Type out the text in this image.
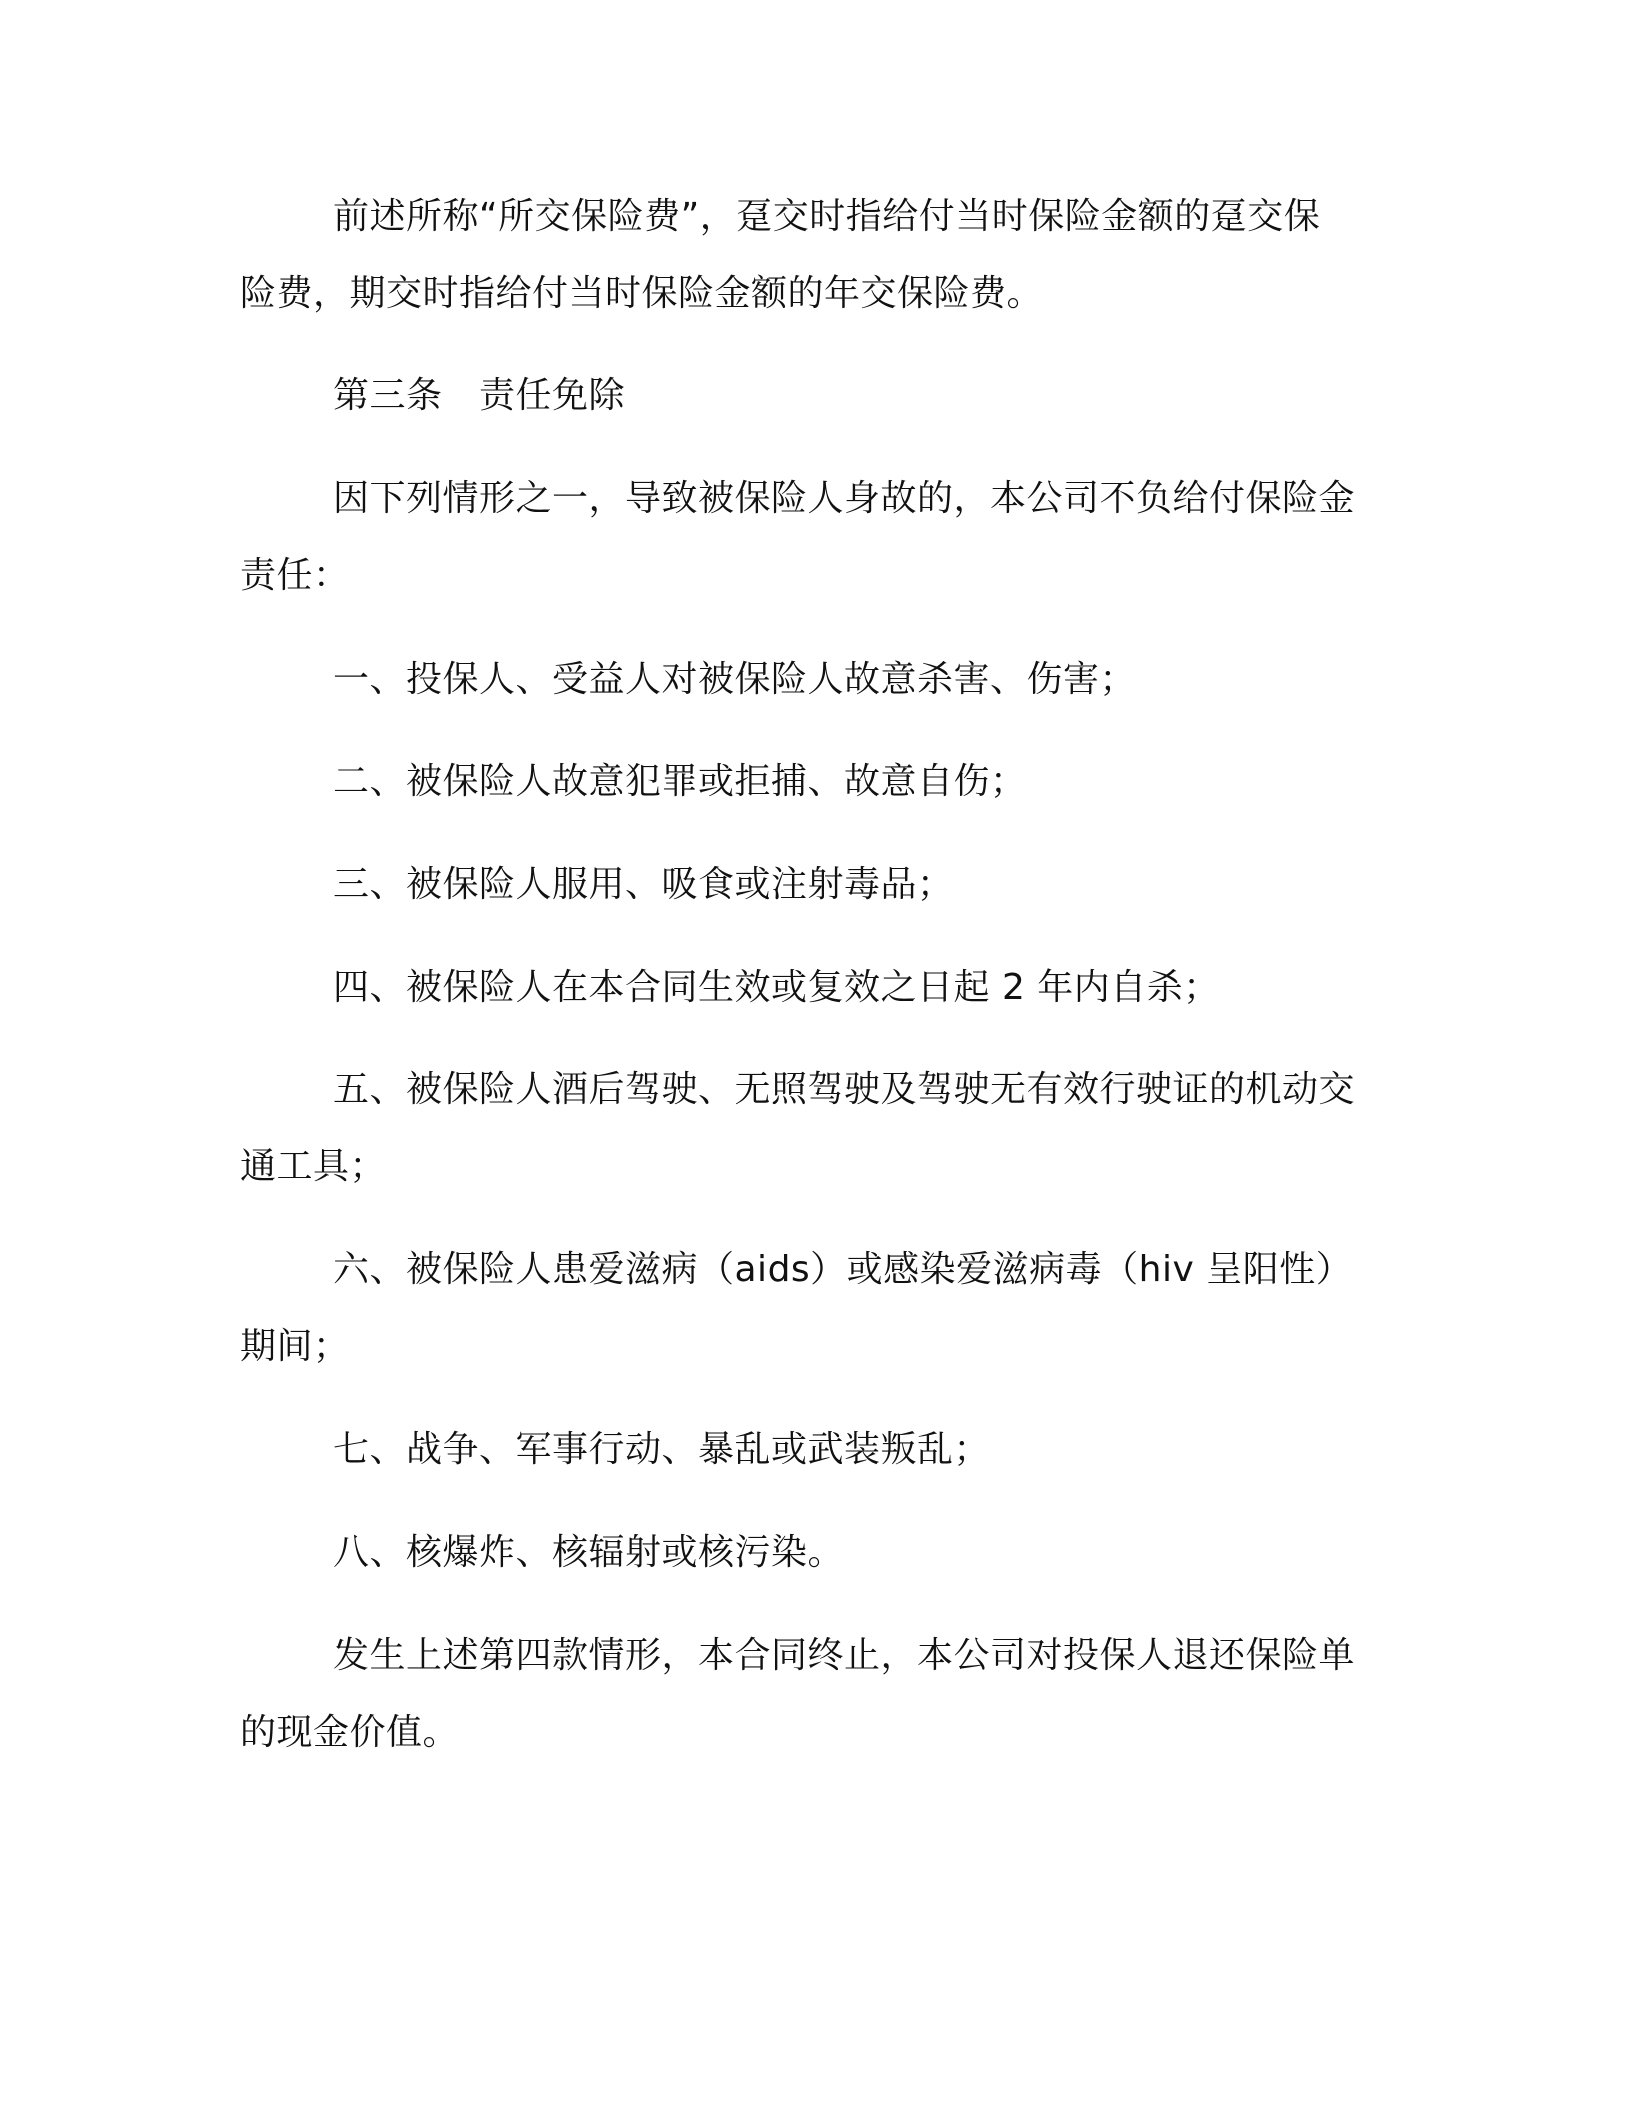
前述所称“所交保险费”，趸交时指给付当时保险金额的趸交保
险费，期交时指给付当时保险金额的年交保险费。
第三条　责任免除
因下列情形之一，导致被保险人身故的，本公司不负给付保险金
责任：
一、投保人、受益人对被保险人故意杀害、伤害；
二、被保险人故意犯罪或拒捕、故意自伤；
三、被保险人服用、吸食或注射毒品；
四、被保险人在本合同生效或复效之日起 2 年内自杀；
五、被保险人酒后驾驶、无照驾驶及驾驶无有效行驶证的机动交
通工具；
六、被保险人患爱滋病（aids）或感染爱滋病毒（hiv 呈阳性）
期间；
七、战争、军事行动、暴乱或武装叛乱；
八、核爆炸、核辐射或核污染。
发生上述第四款情形，本合同终止，本公司对投保人退还保险单
的现金价值。
